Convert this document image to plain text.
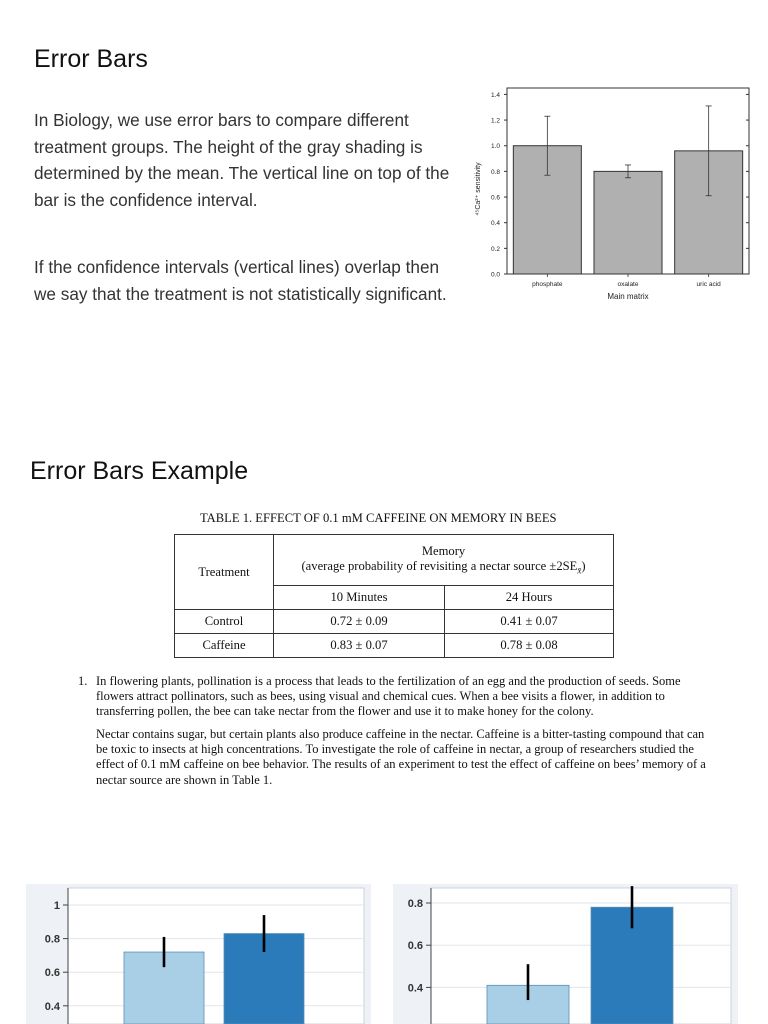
Error Bars
In Biology, we use error bars to compare different treatment groups. The height of the gray shading is determined by the mean. The vertical line on top of the bar is the confidence interval.
If the confidence intervals (vertical lines) overlap then we say that the treatment is not statistically significant.
0.0
0.2
0.4
0.6
0.8
1.0
1.2
1.4
phosphate	oxalate	uric acid
Main matrix
⁴⁵Ca²⁺ sensitivity
Error Bars Example
TABLE 1. EFFECT OF 0.1 mM CAFFEINE ON MEMORY IN BEES
Treatment	Memory
(average probability of revisiting a nectar source $\pm 2SE_{x̄}$)	

	10 Minutes	24 Hours
Control	0.72 ± 0.09	0.41 ± 0.07
Caffeine	0.83 ± 0.07	0.78 ± 0.08
1. In flowering plants, pollination is a process that leads to the fertilization of an egg and the production of seeds. Some flowers attract pollinators, such as bees, using visual and chemical cues. When a bee visits a flower, in addition to transferring pollen, the bee can take nectar from the flower and use it to make honey for the colony.
Nectar contains sugar, but certain plants also produce caffeine in the nectar. Caffeine is a bitter-tasting compound that can be toxic to insects at high concentrations. To investigate the role of caffeine in nectar, a group of researchers studied the effect of 0.1 mM caffeine on bee behavior. The results of an experiment to test the effect of caffeine on bees’ memory of a nectar source are shown in Table 1.
0.4
0.6
0.8
1
0.4
0.6
0.8
